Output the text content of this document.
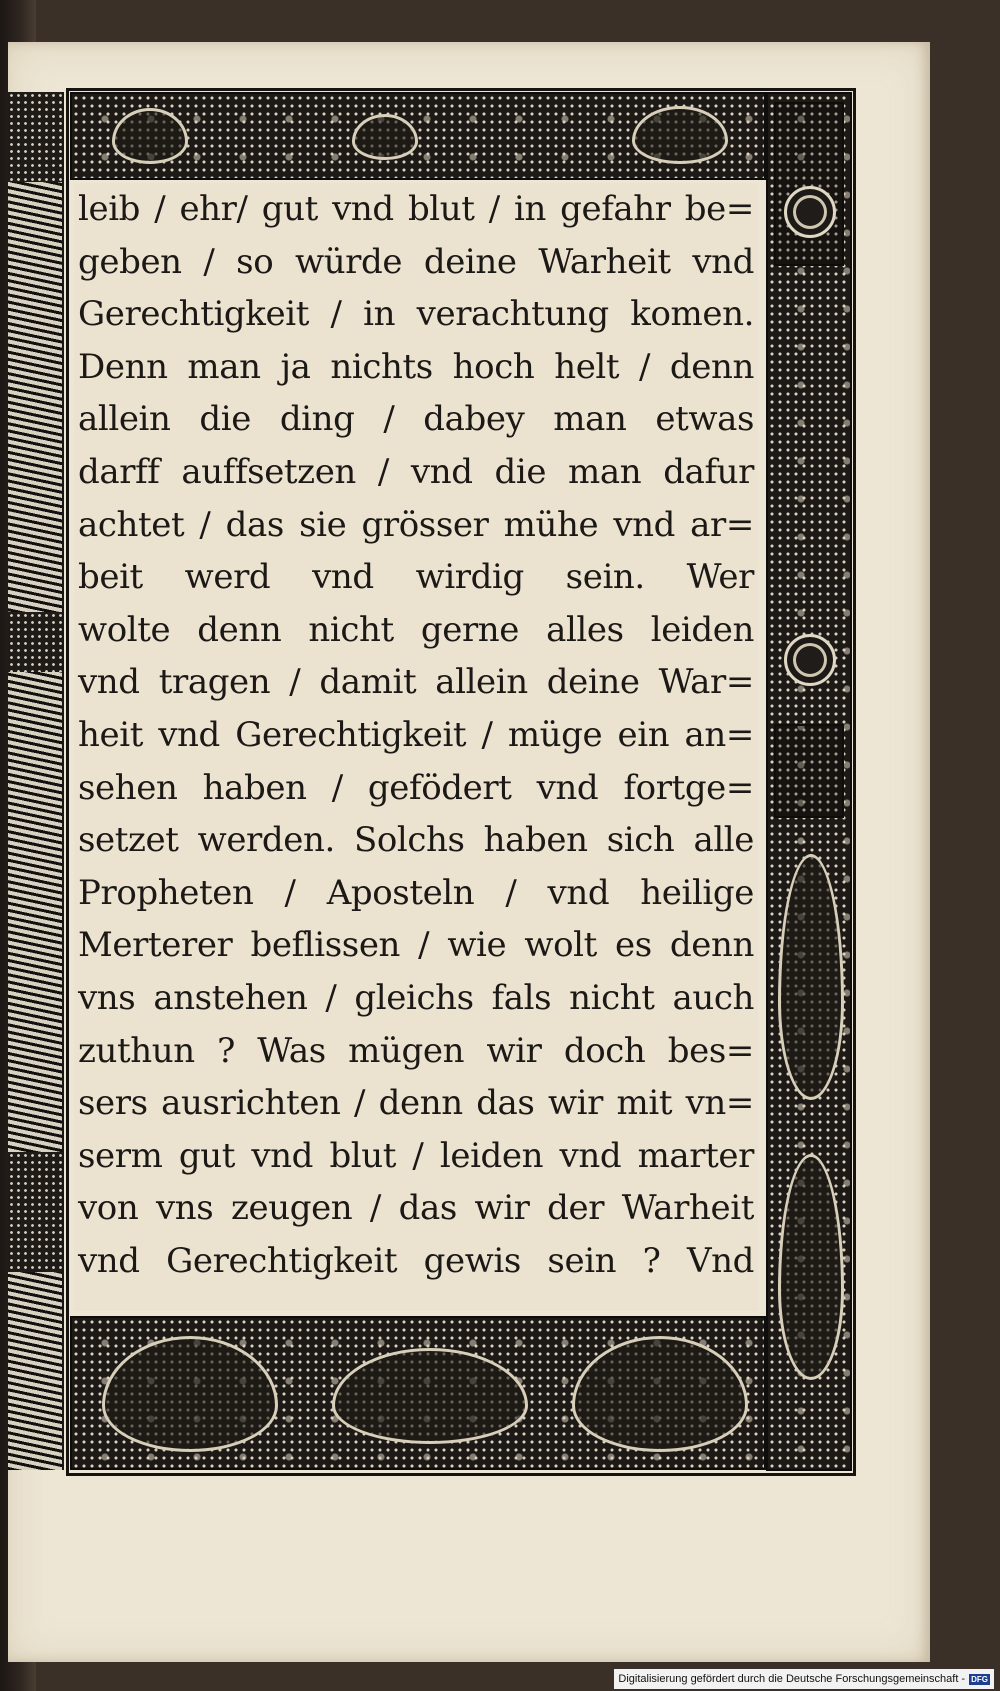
leib / ehr/ gut vnd blut / in gefahr be=
geben / so würde deine Warheit vnd
Gerechtigkeit / in verachtung komen.
Denn man ja nichts hoch helt / denn
allein die ding / dabey man etwas
darff auffsetzen / vnd die man dafur
achtet / das sie grösser mühe vnd ar=
beit werd vnd wirdig sein. Wer
wolte denn nicht gerne alles leiden
vnd tragen / damit allein deine War=
heit vnd Gerechtigkeit / müge ein an=
sehen haben / gefödert vnd fortge=
setzet werden. Solchs haben sich alle
Propheten / Aposteln / vnd heilige
Merterer beflissen / wie wolt es denn
vns anstehen / gleichs fals nicht auch
zuthun ? Was mügen wir doch bes=
sers ausrichten / denn das wir mit vn=
serm gut vnd blut / leiden vnd marter
von vns zeugen / das wir der Warheit
vnd Gerechtigkeit gewis sein ? Vnd
Digitalisierung gefördert durch die Deutsche Forschungsgemeinschaft - DFG
